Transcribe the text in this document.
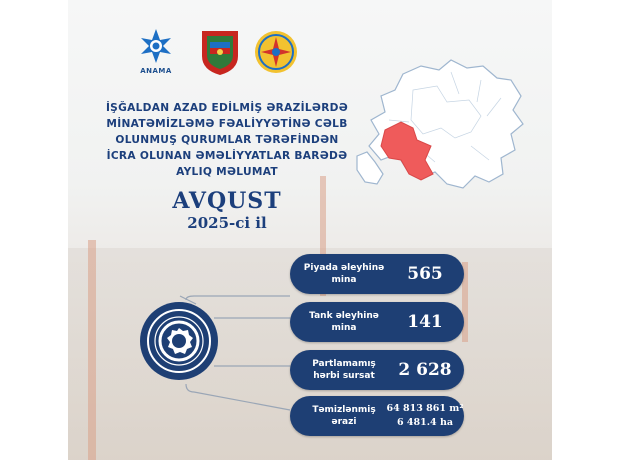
ANAMA
İŞĞALDAN AZAD EDİLMİŞ ƏRAZİLƏRDƏ
MİNATƏMİZLƏMƏ FƏALİYYƏTİNƏ CƏLB
OLUNMUŞ QURUMLAR TƏRƏFİNDƏN
İCRA OLUNAN ƏMƏLİYYATLAR BARƏDƏ
AYLIQ MƏLUMAT
AVQUST
2025-ci il
Piyada əleyhinə
mina	565
Tank əleyhinə
mina	141
Partlamamış
hərbi sursat	2 628
Təmizlənmiş
ərazi
64 813 861 m²
6 481.4 ha
